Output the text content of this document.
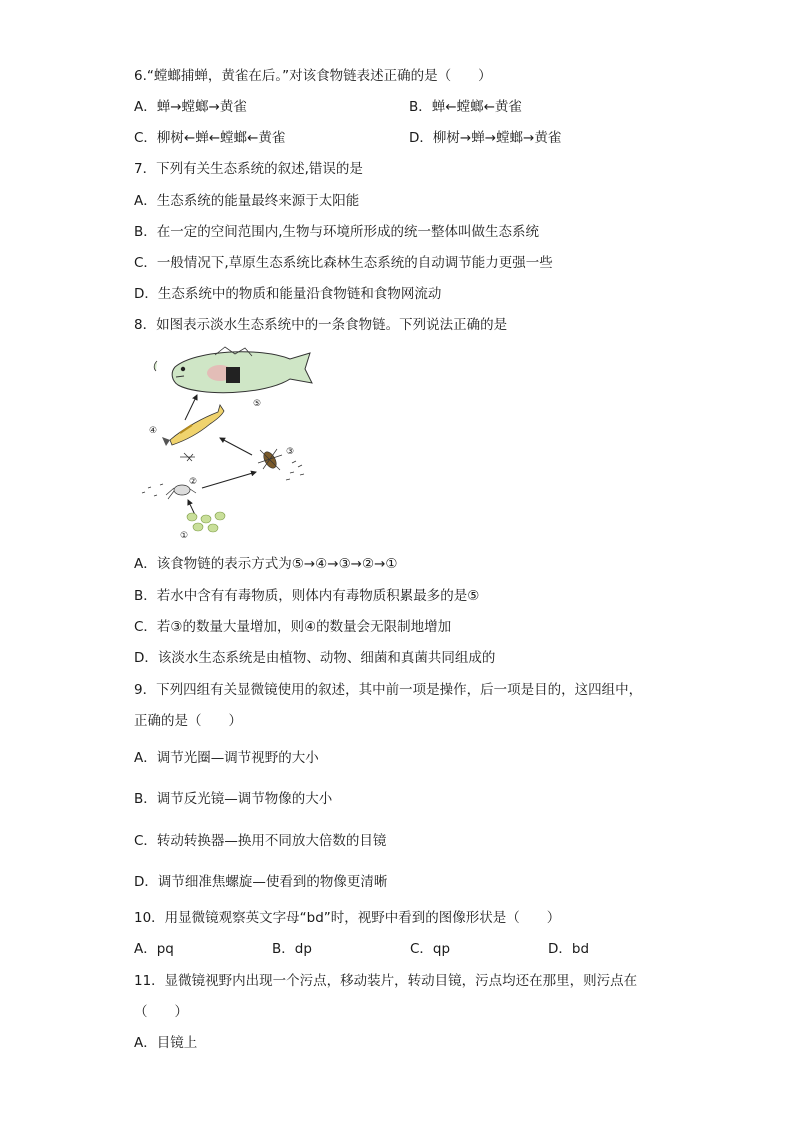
6.“螳螂捕蝉，黄雀在后。”对该食物链表述正确的是（　　）
A．蝉→螳螂→黄雀	B．蝉←螳螂←黄雀
C．柳树←蝉←螳螂←黄雀	D．柳树→蝉→螳螂→黄雀
7．下列有关生态系统的叙述,错误的是
A．生态系统的能量最终来源于太阳能
B．在一定的空间范围内,生物与环境所形成的统一整体叫做生态系统
C．一般情况下,草原生态系统比森林生态系统的自动调节能力更强一些
D．生态系统中的物质和能量沿食物链和食物网流动
8．如图表示淡水生态系统中的一条食物链。下列说法正确的是
⑤
④
③
②
①
A．该食物链的表示方式为⑤→④→③→②→①
B．若水中含有有毒物质，则体内有毒物质积累最多的是⑤
C．若③的数量大量增加，则④的数量会无限制地增加
D．该淡水生态系统是由植物、动物、细菌和真菌共同组成的
9．下列四组有关显微镜使用的叙述，其中前一项是操作，后一项是目的，这四组中，
正确的是（　　）
A．调节光圈—调节视野的大小
B．调节反光镜—调节物像的大小
C．转动转换器—换用不同放大倍数的目镜
D．调节细准焦螺旋—使看到的物像更清晰
10．用显微镜观察英文字母“bd”时，视野中看到的图像形状是（　　）
A．pq	B．dp	C．qp	D．bd
11．显微镜视野内出现一个污点，移动装片，转动目镜，污点均还在那里，则污点在
（　　）
A．目镜上
